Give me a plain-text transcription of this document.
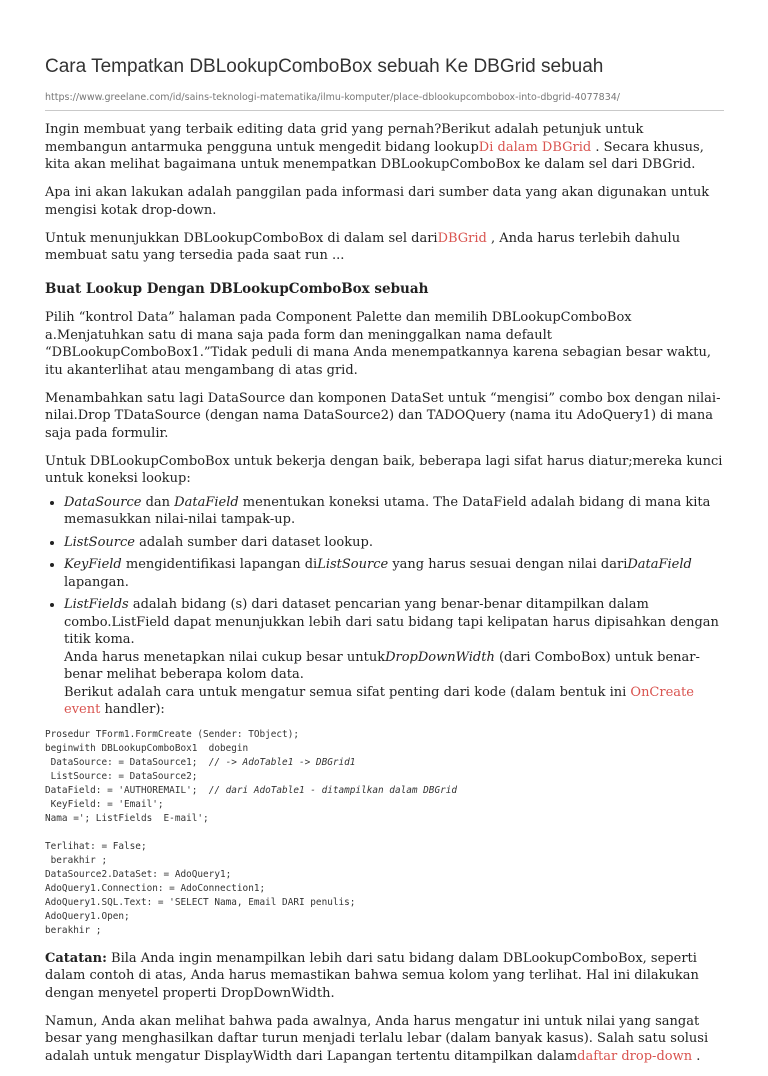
Cara Tempatkan DBLookupComboBox sebuah Ke DBGrid sebuah
https://www.greelane.com/id/sains-teknologi-matematika/ilmu-komputer/place-dblookupcombobox-into-dbgrid-4077834/

Ingin membuat yang terbaik editing data grid yang pernah?Berikut adalah petunjuk untuk membangun antarmuka pengguna untuk mengedit bidang lookupDi dalam DBGrid . Secara khusus, kita akan melihat bagaimana untuk menempatkan DBLookupComboBox ke dalam sel dari DBGrid.

Apa ini akan lakukan adalah panggilan pada informasi dari sumber data yang akan digunakan untuk mengisi kotak drop-down.

Untuk menunjukkan DBLookupComboBox di dalam sel dariDBGrid , Anda harus terlebih dahulu membuat satu yang tersedia pada saat run ...

Buat Lookup Dengan DBLookupComboBox sebuah

Pilih “kontrol Data” halaman pada Component Palette dan memilih DBLookupComboBox a.Menjatuhkan satu di mana saja pada form dan meninggalkan nama default “DBLookupComboBox1.”Tidak peduli di mana Anda menempatkannya karena sebagian besar waktu, itu akanterlihat atau mengambang di atas grid.

Menambahkan satu lagi DataSource dan komponen DataSet untuk “mengisi” combo box dengan nilai-nilai.Drop TDataSource (dengan nama DataSource2) dan TADOQuery (nama itu AdoQuery1) di mana saja pada formulir.

Untuk DBLookupComboBox untuk bekerja dengan baik, beberapa lagi sifat harus diatur;mereka kunci untuk koneksi lookup:

• DataSource dan DataField menentukan koneksi utama. The DataField adalah bidang di mana kita memasukkan nilai-nilai tampak-up.
• ListSource adalah sumber dari dataset lookup.
• KeyField mengidentifikasi lapangan diListSource yang harus sesuai dengan nilai dariDataField lapangan.
• ListFields adalah bidang (s) dari dataset pencarian yang benar-benar ditampilkan dalam combo.ListField dapat menunjukkan lebih dari satu bidang tapi kelipatan harus dipisahkan dengan titik koma.
Anda harus menetapkan nilai cukup besar untukDropDownWidth (dari ComboBox) untuk benar-benar melihat beberapa kolom data.
Berikut adalah cara untuk mengatur semua sifat penting dari kode (dalam bentuk ini OnCreate event handler):
Prosedur TForm1.FormCreate (Sender: TObject);
beginwith DBLookupComboBox1  dobegin
DataSource: = DataSource1;  // -> AdoTable1 -> DBGrid1
ListSource: = DataSource2;
DataField: = 'AUTHOREMAIL';  // dari AdoTable1 - ditampilkan dalam DBGrid
KeyField: = 'Email';
Nama ='; ListFields  E-mail';

Terlihat: = False;
berakhir ;
DataSource2.DataSet: = AdoQuery1;
AdoQuery1.Connection: = AdoConnection1;
AdoQuery1.SQL.Text: = 'SELECT Nama, Email DARI penulis;
AdoQuery1.Open;
berakhir ;

Catatan: Bila Anda ingin menampilkan lebih dari satu bidang dalam DBLookupComboBox, seperti dalam contoh di atas, Anda harus memastikan bahwa semua kolom yang terlihat. Hal ini dilakukan dengan menyetel properti DropDownWidth.

Namun, Anda akan melihat bahwa pada awalnya, Anda harus mengatur ini untuk nilai yang sangat besar yang menghasilkan daftar turun menjadi terlalu lebar (dalam banyak kasus). Salah satu solusi adalah untuk mengatur DisplayWidth dari Lapangan tertentu ditampilkan dalamdaftar drop-down .
